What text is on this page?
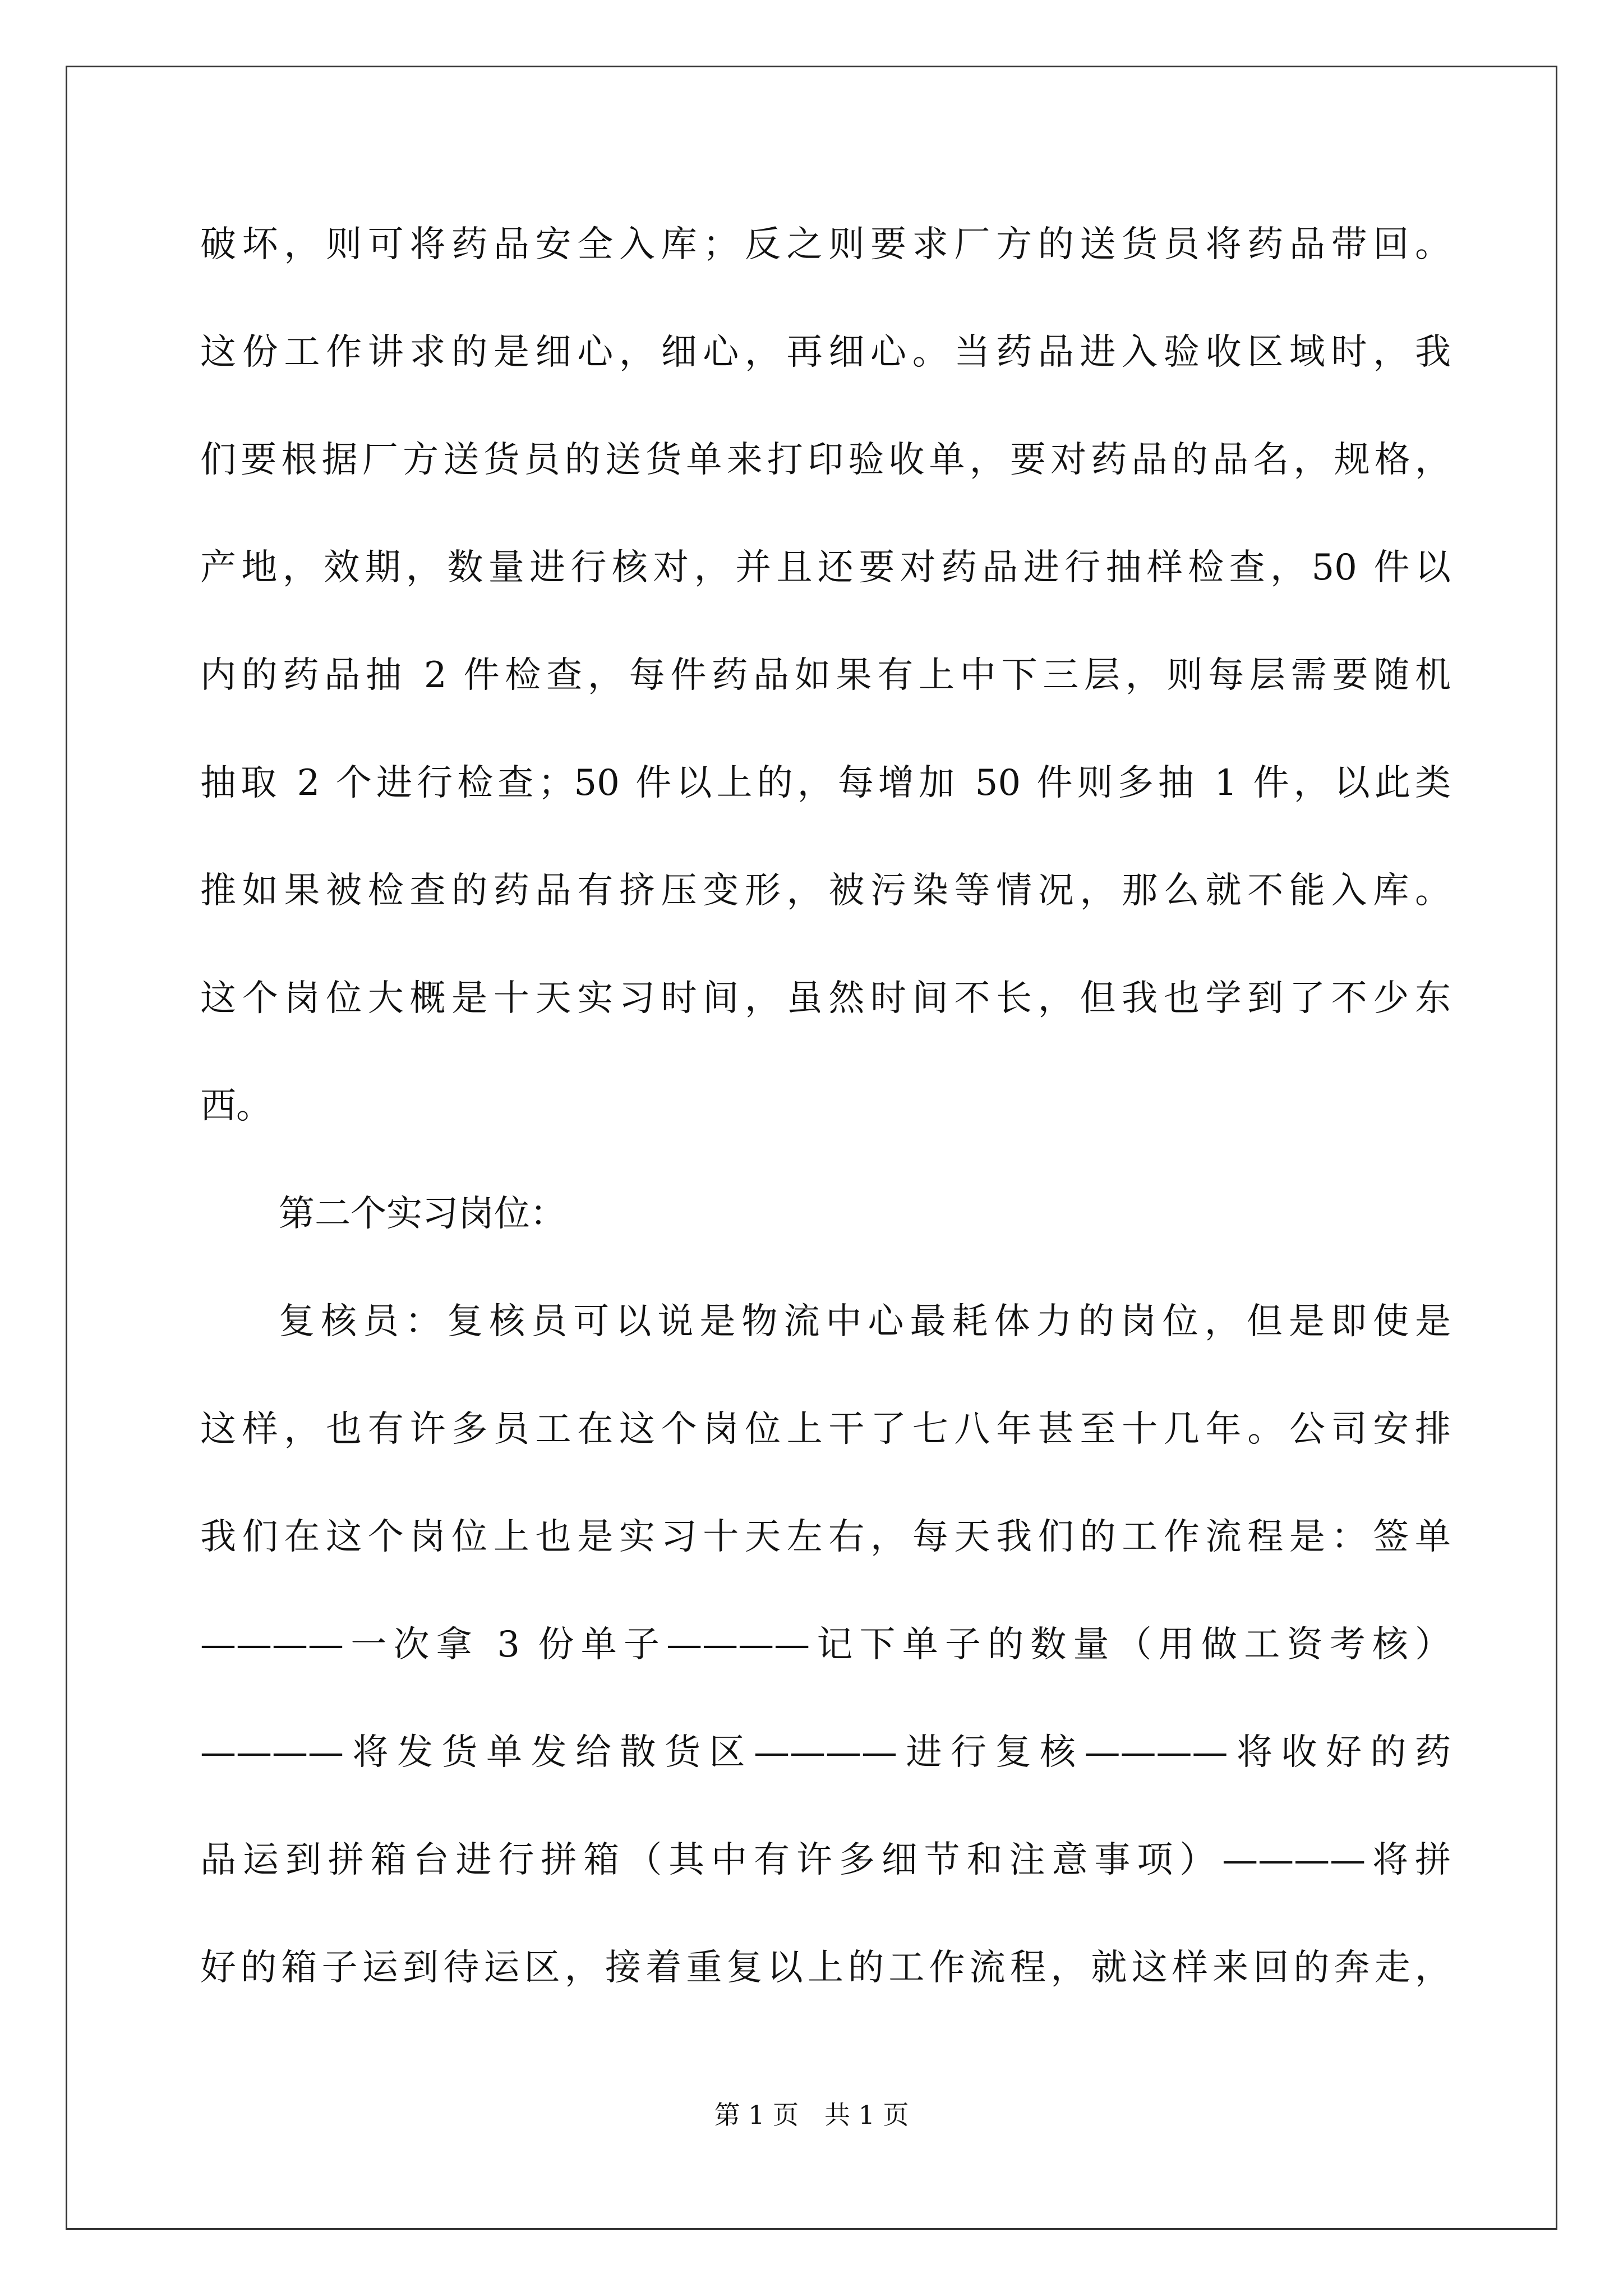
破坏，则可将药品安全入库；反之则要求厂方的送货员将药品带回。
这份工作讲求的是细心，细心，再细心。当药品进入验收区域时，我
们要根据厂方送货员的送货单来打印验收单，要对药品的品名，规格，
产地，效期，数量进行核对，并且还要对药品进行抽样检查，50 件以
内的药品抽 2 件检查，每件药品如果有上中下三层，则每层需要随机
抽取 2 个进行检查；50 件以上的，每增加 50 件则多抽 1 件，以此类
推如果被检查的药品有挤压变形，被污染等情况，那么就不能入库。
这个岗位大概是十天实习时间，虽然时间不长，但我也学到了不少东
西。
第二个实习岗位：
复核员：复核员可以说是物流中心最耗体力的岗位，但是即使是
这样，也有许多员工在这个岗位上干了七八年甚至十几年。公司安排
我们在这个岗位上也是实习十天左右，每天我们的工作流程是：签单
————一次拿 3 份单子————记下单子的数量（用做工资考核）
————将发货单发给散货区————进行复核————将收好的药
品运到拼箱台进行拼箱（其中有许多细节和注意事项）————将拼
好的箱子运到待运区，接着重复以上的工作流程，就这样来回的奔走，
第 1 页　共 1 页
